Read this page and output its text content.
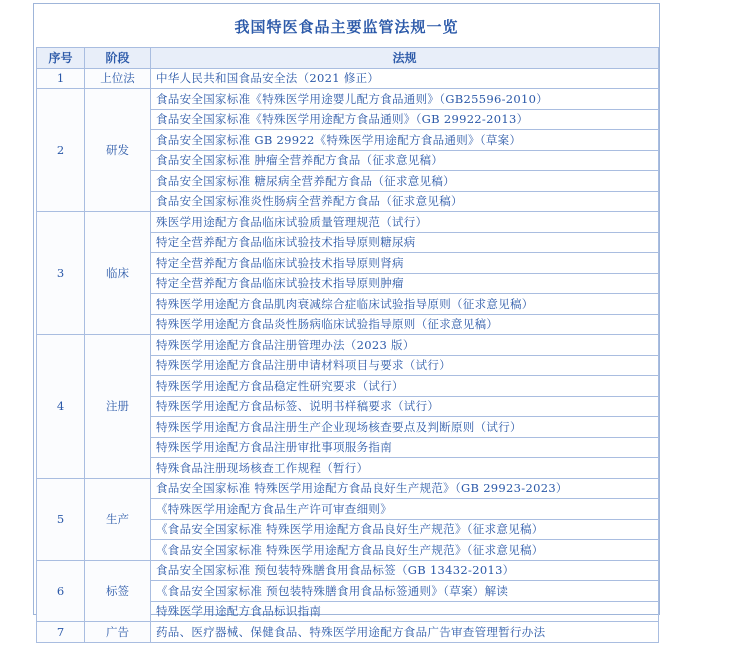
我国特医食品主要监管法规一览
序号	阶段	法规
1	上位法	中华人民共和国食品安全法（2021 修正）
2	研发	食品安全国家标准《特殊医学用途婴儿配方食品通则》（GB25596-2010）
		食品安全国家标准《特殊医学用途配方食品通则》（GB 29922-2013）
		食品安全国家标准 GB 29922《特殊医学用途配方食品通则》（草案）
		食品安全国家标准 肿瘤全营养配方食品（征求意见稿）
		食品安全国家标准 糖尿病全营养配方食品（征求意见稿）
		食品安全国家标准炎性肠病全营养配方食品（征求意见稿）
3	临床	殊医学用途配方食品临床试验质量管理规范（试行）
		特定全营养配方食品临床试验技术指导原则糖尿病
		特定全营养配方食品临床试验技术指导原则肾病
		特定全营养配方食品临床试验技术指导原则肿瘤
		特殊医学用途配方食品肌肉衰减综合症临床试验指导原则（征求意见稿）
		特殊医学用途配方食品炎性肠病临床试验指导原则（征求意见稿）
4	注册	特殊医学用途配方食品注册管理办法（2023 版）
		特殊医学用途配方食品注册申请材料项目与要求（试行）
		特殊医学用途配方食品稳定性研究要求（试行）
		特殊医学用途配方食品标签、说明书样稿要求（试行）
		特殊医学用途配方食品注册生产企业现场核查要点及判断原则（试行）
		特殊医学用途配方食品注册审批事项服务指南
		特殊食品注册现场核查工作规程（暂行）
5	生产	食品安全国家标准 特殊医学用途配方食品良好生产规范》（GB 29923-2023）
		《特殊医学用途配方食品生产许可审查细则》
		《食品安全国家标准 特殊医学用途配方食品良好生产规范》（征求意见稿）
		《食品安全国家标准 特殊医学用途配方食品良好生产规范》（征求意见稿）
6	标签	食品安全国家标准 预包装特殊膳食用食品标签（GB 13432-2013）
		《食品安全国家标准 预包装特殊膳食用食品标签通则》（草案）解读
		特殊医学用途配方食品标识指南
7	广告	药品、医疗器械、保健食品、特殊医学用途配方食品广告审查管理暂行办法
